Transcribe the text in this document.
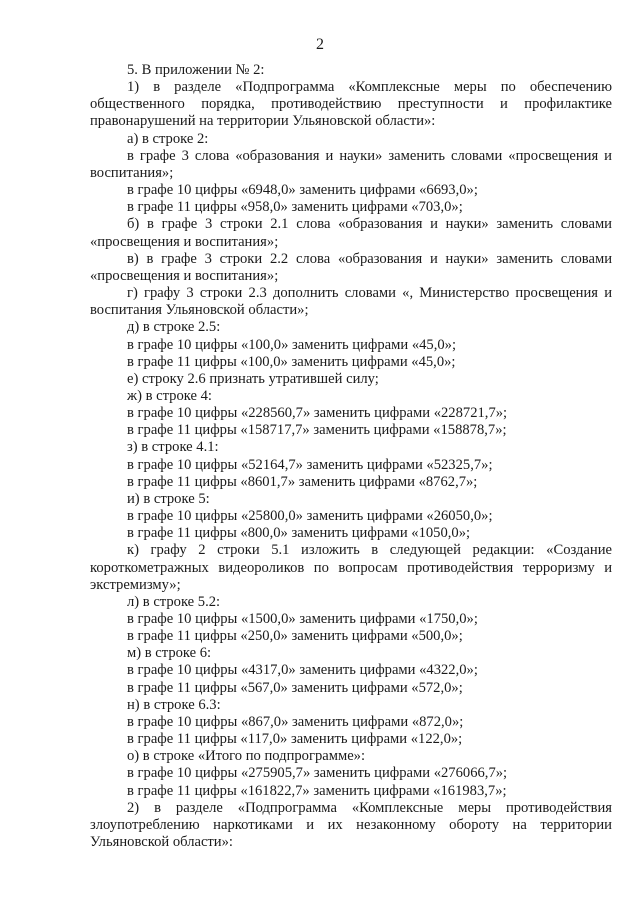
2

5. В приложении № 2:

1) в разделе «Подпрограмма «Комплексные меры по обеспечению общественного порядка, противодействию преступности и профилактике правонарушений на территории Ульяновской области»:

а) в строке 2:

в графе 3 слова «образования и науки» заменить словами «просвещения и воспитания»;

в графе 10 цифры «6948,0» заменить цифрами «6693,0»;

в графе 11 цифры «958,0» заменить цифрами «703,0»;

б) в графе 3 строки 2.1 слова «образования и науки» заменить словами «просвещения и воспитания»;

в) в графе 3 строки 2.2 слова «образования и науки» заменить словами «просвещения и воспитания»;

г) графу 3 строки 2.3 дополнить словами «, Министерство просвещения и воспитания Ульяновской области»;

д) в строке 2.5:

в графе 10 цифры «100,0» заменить цифрами «45,0»;

в графе 11 цифры «100,0» заменить цифрами «45,0»;

е) строку 2.6 признать утратившей силу;

ж) в строке 4:

в графе 10 цифры «228560,7» заменить цифрами «228721,7»;

в графе 11 цифры «158717,7» заменить цифрами «158878,7»;

з) в строке 4.1:

в графе 10 цифры «52164,7» заменить цифрами «52325,7»;

в графе 11 цифры «8601,7» заменить цифрами «8762,7»;

и) в строке 5:

в графе 10 цифры «25800,0» заменить цифрами «26050,0»;

в графе 11 цифры «800,0» заменить цифрами «1050,0»;

к) графу 2 строки 5.1 изложить в следующей редакции: «Создание короткометражных видеороликов по вопросам противодействия терроризму и экстремизму»;

л) в строке 5.2:

в графе 10 цифры «1500,0» заменить цифрами «1750,0»;

в графе 11 цифры «250,0» заменить цифрами «500,0»;

м) в строке 6:

в графе 10 цифры «4317,0» заменить цифрами «4322,0»;

в графе 11 цифры «567,0» заменить цифрами «572,0»;

н) в строке 6.3:

в графе 10 цифры «867,0» заменить цифрами «872,0»;

в графе 11 цифры «117,0» заменить цифрами «122,0»;

о) в строке «Итого по подпрограмме»:

в графе 10 цифры «275905,7» заменить цифрами «276066,7»;

в графе 11 цифры «161822,7» заменить цифрами «161983,7»;

2) в разделе «Подпрограмма «Комплексные меры противодействия злоупотреблению наркотиками и их незаконному обороту на территории Ульяновской области»:
